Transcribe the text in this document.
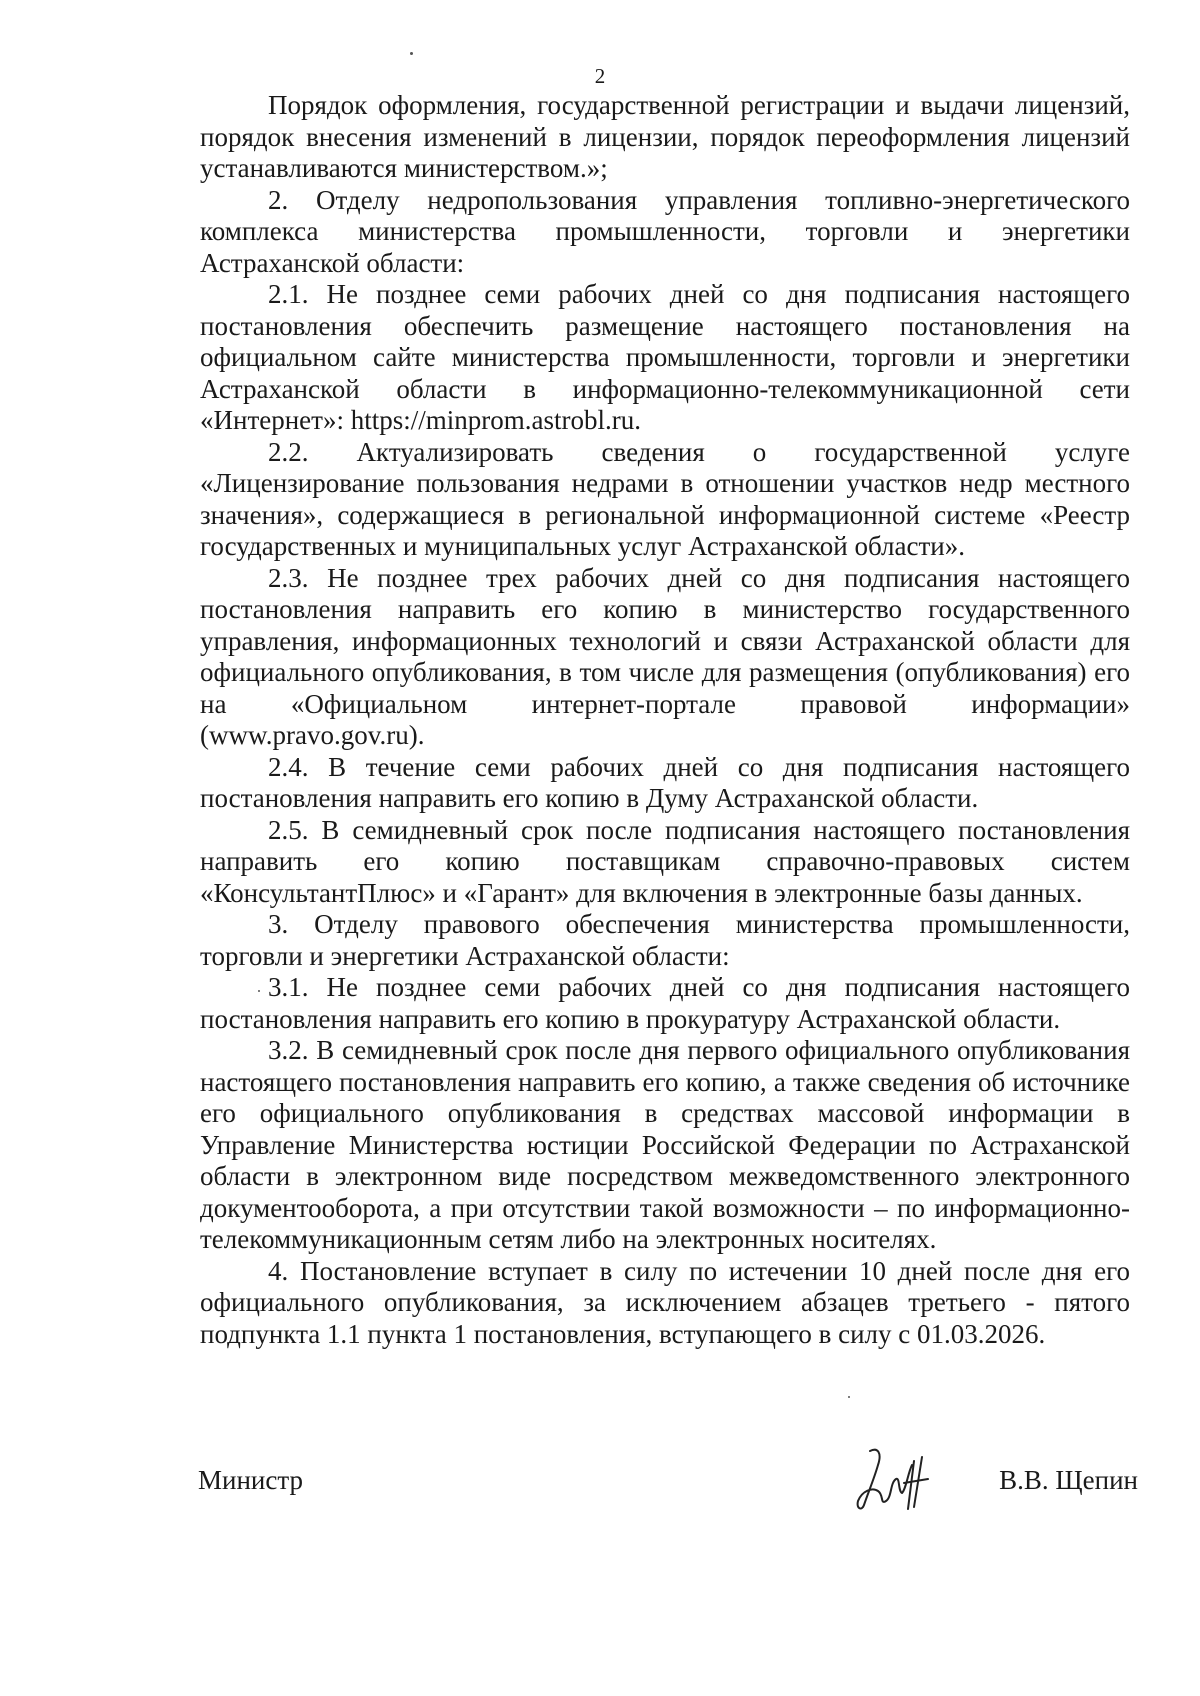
2

Порядок оформления, государственной регистрации и выдачи лицензий, порядок внесения изменений в лицензии, порядок переоформления лицензий устанавливаются министерством.»;

2. Отделу недропользования управления топливно-энергетического комплекса министерства промышленности, торговли и энергетики Астраханской области:

2.1. Не позднее семи рабочих дней со дня подписания настоящего постановления обеспечить размещение настоящего постановления на официальном сайте министерства промышленности, торговли и энергетики Астраханской области в информационно-телекоммуникационной сети «Интернет»: https://minprom.astrobl.ru.

2.2. Актуализировать сведения о государственной услуге «Лицензирование пользования недрами в отношении участков недр местного значения», содержащиеся в региональной информационной системе «Реестр государственных и муниципальных услуг Астраханской области».

2.3. Не позднее трех рабочих дней со дня подписания настоящего постановления направить его копию в министерство государственного управления, информационных технологий и связи Астраханской области для официального опубликования, в том числе для размещения (опубликования) его на «Официальном интернет-портале правовой информации» (www.pravo.gov.ru).

2.4. В течение семи рабочих дней со дня подписания настоящего постановления направить его копию в Думу Астраханской области.

2.5. В семидневный срок после подписания настоящего постановления направить его копию поставщикам справочно-правовых систем «КонсультантПлюс» и «Гарант» для включения в электронные базы данных.

3. Отделу правового обеспечения министерства промышленности, торговли и энергетики Астраханской области:

3.1. Не позднее семи рабочих дней со дня подписания настоящего постановления направить его копию в прокуратуру Астраханской области.

3.2. В семидневный срок после дня первого официального опубликования настоящего постановления направить его копию, а также сведения об источнике его официального опубликования в средствах массовой информации в Управление Министерства юстиции Российской Федерации по Астраханской области в электронном виде посредством межведомственного электронного документооборота, а при отсутствии такой возможности – по информационно-телекоммуникационным сетям либо на электронных носителях.

4. Постановление вступает в силу по истечении 10 дней после дня его официального опубликования, за исключением абзацев третьего - пятого подпункта 1.1 пункта 1 постановления, вступающего в силу с 01.03.2026.

Министр	В.В. Щепин
